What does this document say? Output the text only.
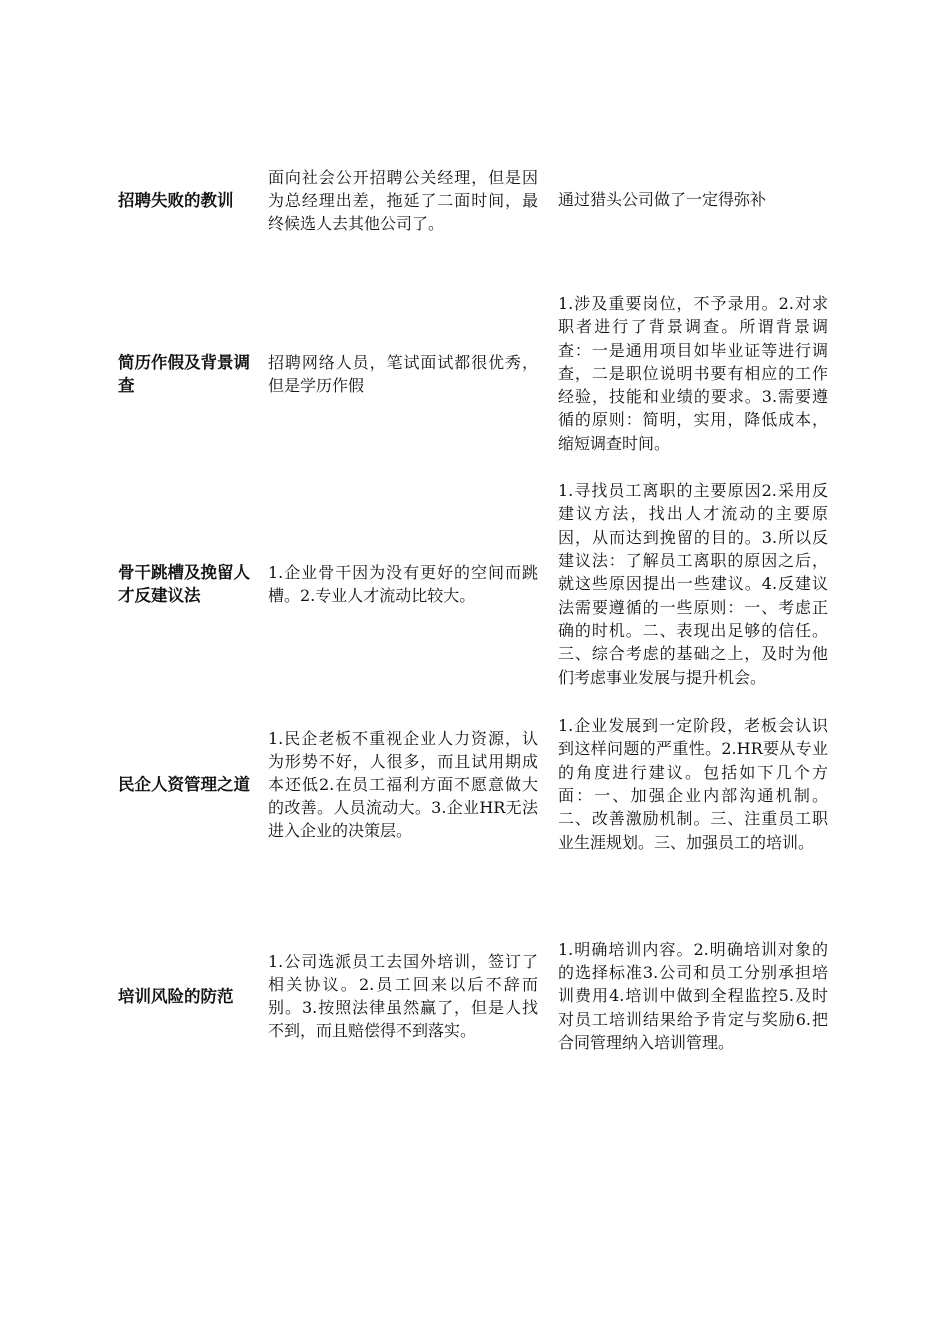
招聘失败的教训
面向社会公开招聘公关经理，但是因为总经理出差，拖延了二面时间，最终候选人去其他公司了。
通过猎头公司做了一定得弥补
简历作假及背景调查
招聘网络人员，笔试面试都很优秀，但是学历作假
1.涉及重要岗位，不予录用。2.对求职者进行了背景调查。所谓背景调查：一是通用项目如毕业证等进行调查，二是职位说明书要有相应的工作经验，技能和业绩的要求。3.需要遵循的原则：简明，实用，降低成本，缩短调查时间。
骨干跳槽及挽留人才反建议法
1.企业骨干因为没有更好的空间而跳槽。2.专业人才流动比较大。
1.寻找员工离职的主要原因2.采用反建议方法，找出人才流动的主要原因，从而达到挽留的目的。3.所以反建议法：了解员工离职的原因之后，就这些原因提出一些建议。4.反建议法需要遵循的一些原则：一、考虑正确的时机。二、表现出足够的信任。三、综合考虑的基础之上，及时为他们考虑事业发展与提升机会。
民企人资管理之道
1.民企老板不重视企业人力资源，认为形势不好，人很多，而且试用期成本还低2.在员工福利方面不愿意做大的改善。人员流动大。3.企业HR无法进入企业的决策层。
1.企业发展到一定阶段，老板会认识到这样问题的严重性。2.HR要从专业的角度进行建议。包括如下几个方面：一、加强企业内部沟通机制。二、改善激励机制。三、注重员工职业生涯规划。三、加强员工的培训。
培训风险的防范
1.公司选派员工去国外培训，签订了相关协议。2.员工回来以后不辞而别。3.按照法律虽然赢了，但是人找不到，而且赔偿得不到落实。
1.明确培训内容。2.明确培训对象的的选择标准3.公司和员工分别承担培训费用4.培训中做到全程监控5.及时对员工培训结果给予肯定与奖励6.把合同管理纳入培训管理。
